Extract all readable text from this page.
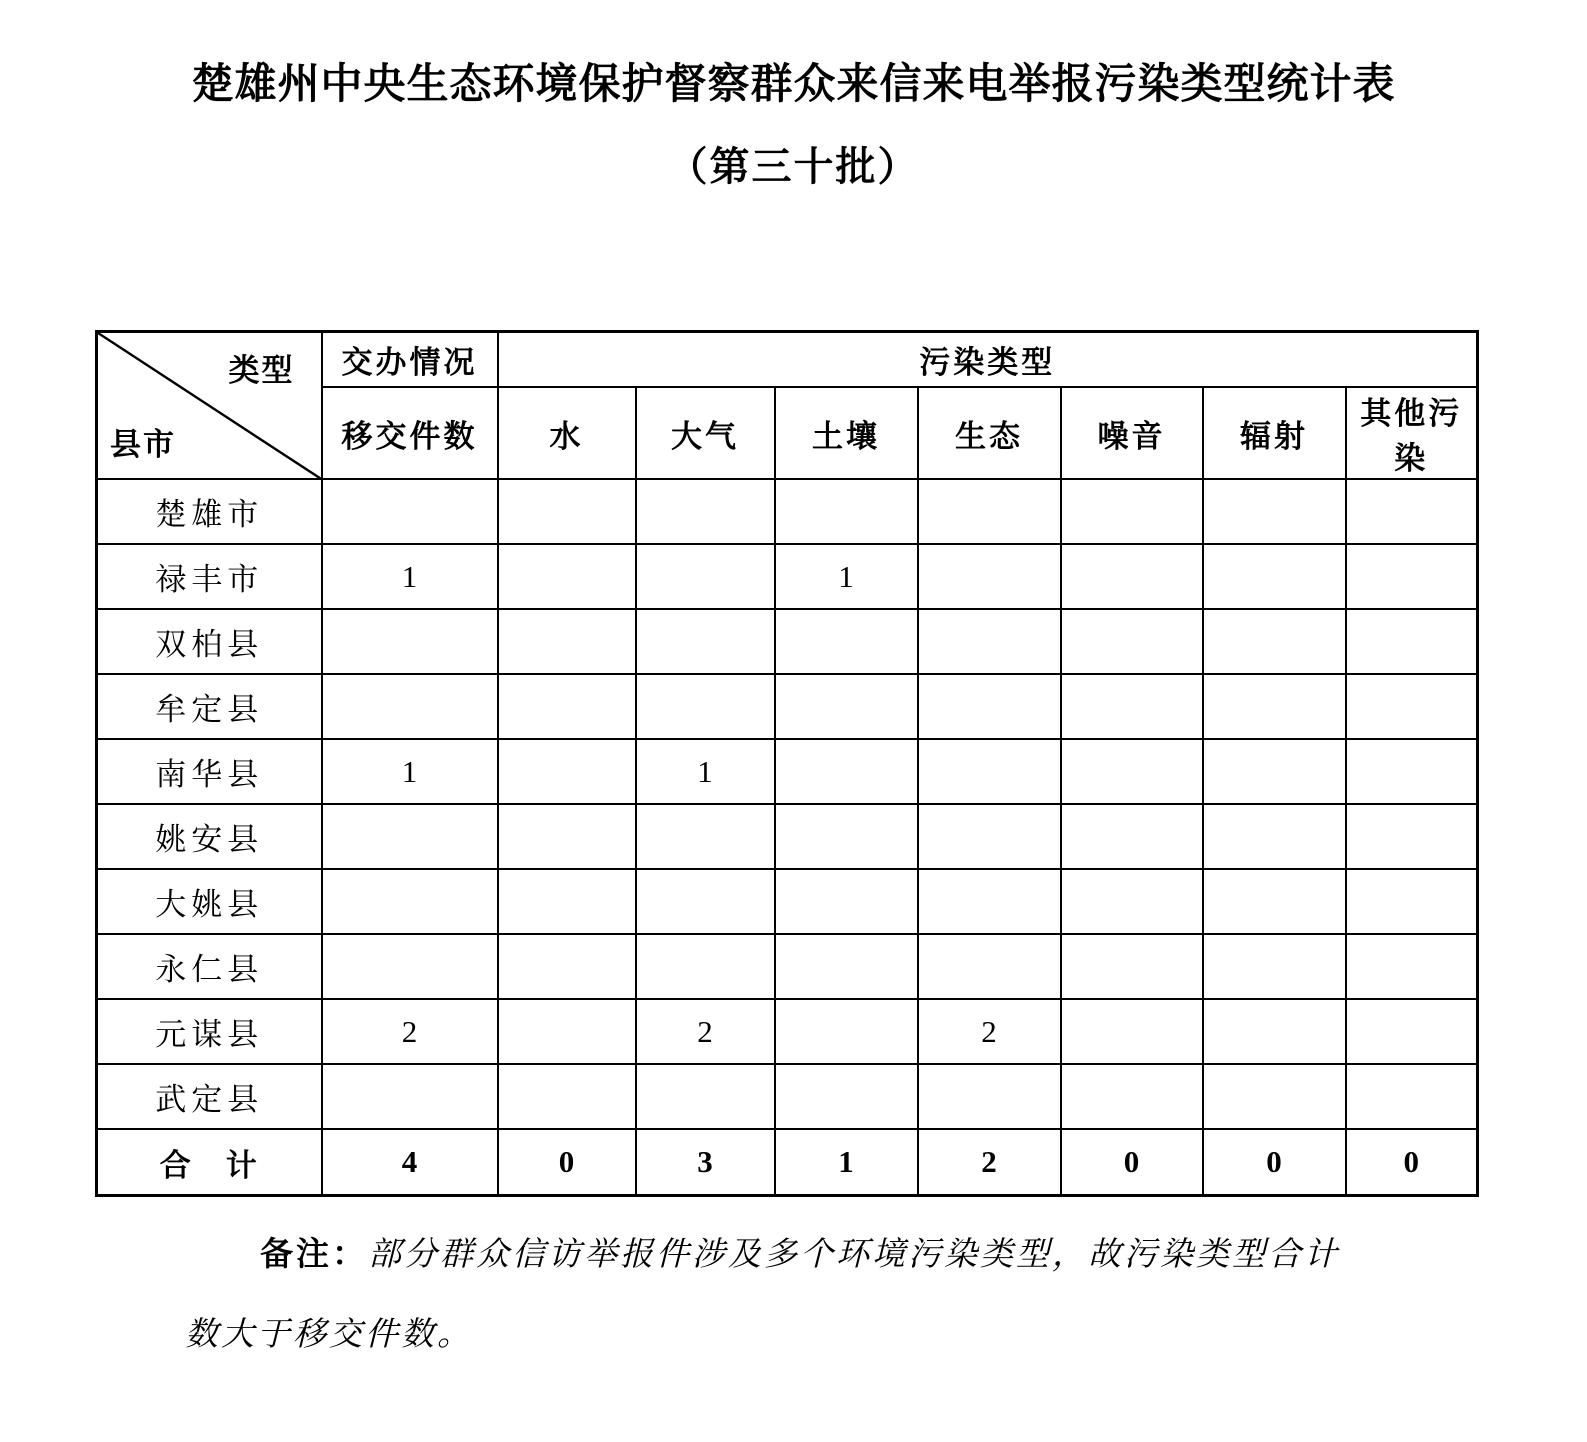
楚雄州中央生态环境保护督察群众来信来电举报污染类型统计表
（第三十批）
类型
县市	交办情况	污染类型						
	移交件数	水	大气	土壤	生态	噪音	辐射	其他污染
楚雄市								
禄丰市	1			1				
双柏县								
牟定县								
南华县	1		1					
姚安县								
大姚县								
永仁县								
元谋县	2		2		2			
武定县								
合　计	4	0	3	1	2	0	0	0

备注：部分群众信访举报件涉及多个环境污染类型，故污染类型合计数大于移交件数。
